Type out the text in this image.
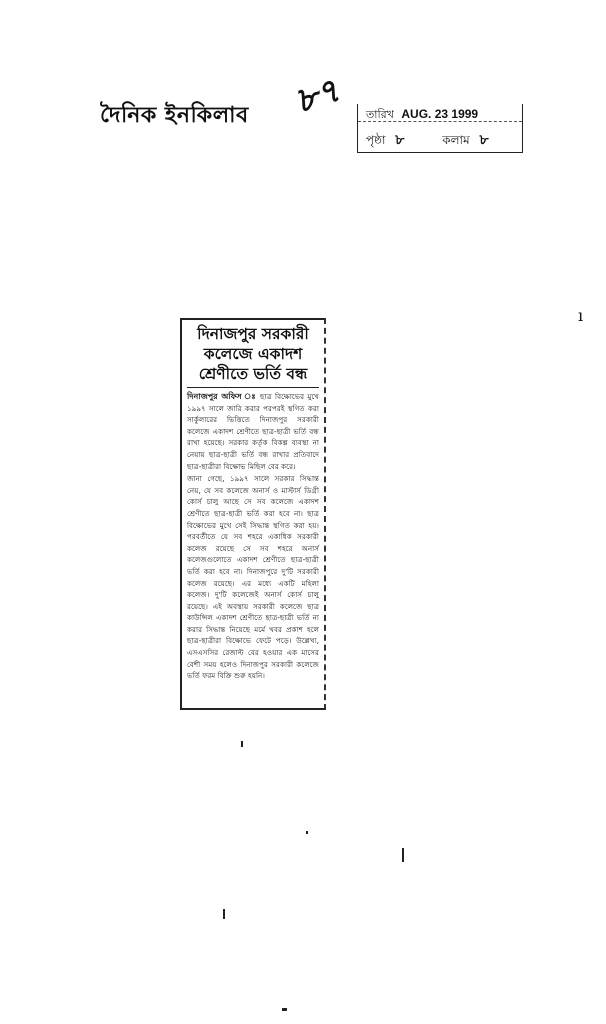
দৈনিক ইনকিলাব ৮৭	তারিখ AUG. 23 1999
পৃষ্ঠা ৮	কলাম ৮
দিনাজপুর সরকারী
কলেজে একাদশ
শ্রেণীতে ভর্তি বন্ধ

দিনাজপুর অফিস ঃ ছাত্র বিক্ষোভের মুখে ১৯৯৭ সালে জারি করার পরপরই স্থগিত করা সার্কুলারের ভিত্তিতে দিনাজপুর সরকারী কলেজে একাদশ শ্রেণীতে ছাত্র-ছাত্রী ভর্তি বন্ধ রাখা হয়েছে। সরকার কর্তৃক বিকল্প ব্যবস্থা না নেয়ায় ছাত্র-ছাত্রী ভর্তি বন্ধ রাখার প্রতিবাদে ছাত্র-ছাত্রীরা বিক্ষোভ মিছিল বের করে।

জানা গেছে, ১৯৯৭ সালে সরকার সিদ্ধান্ত নেয়, যে সব কলেজে অনার্স ও মাস্টার্স ডিগ্রী কোর্স চালু আছে সে সব কলেজে একাদশ শ্রেণীতে ছাত্র-ছাত্রী ভর্তি করা হবে না। ছাত্র বিক্ষোভের মুখে সেই সিদ্ধান্ত স্থগিত করা হয়। পরবর্তীতে যে সব শহরে একাধিক সরকারী কলেজ রয়েছে সে সব শহরে অনার্স কলেজগুলোতে একাদশ শ্রেণীতে ছাত্র-ছাত্রী ভর্তি করা হবে না। দিনাজপুরে দু'টি সরকারী কলেজ রয়েছে। এর মধ্যে একটি মহিলা কলেজ। দু'টি কলেজেই অনার্স কোর্স চালু রয়েছে। এই অবস্থায় সরকারী কলেজে ছাত্র কাউন্সিল একাদশ শ্রেণীতে ছাত্র-ছাত্রী ভর্তি না করার সিদ্ধান্ত নিয়েছে মর্মে খবর প্রকাশ হলে ছাত্র-ছাত্রীরা বিক্ষোভে ফেটে পড়ে। উল্লেখ্য, এসএসসির রেজাল্ট বের হওয়ার এক মাসের বেশী সময় হলেও দিনাজপুর সরকারী কলেজে ভর্তি ফরম বিক্রি শুরু হয়নি।

ı
